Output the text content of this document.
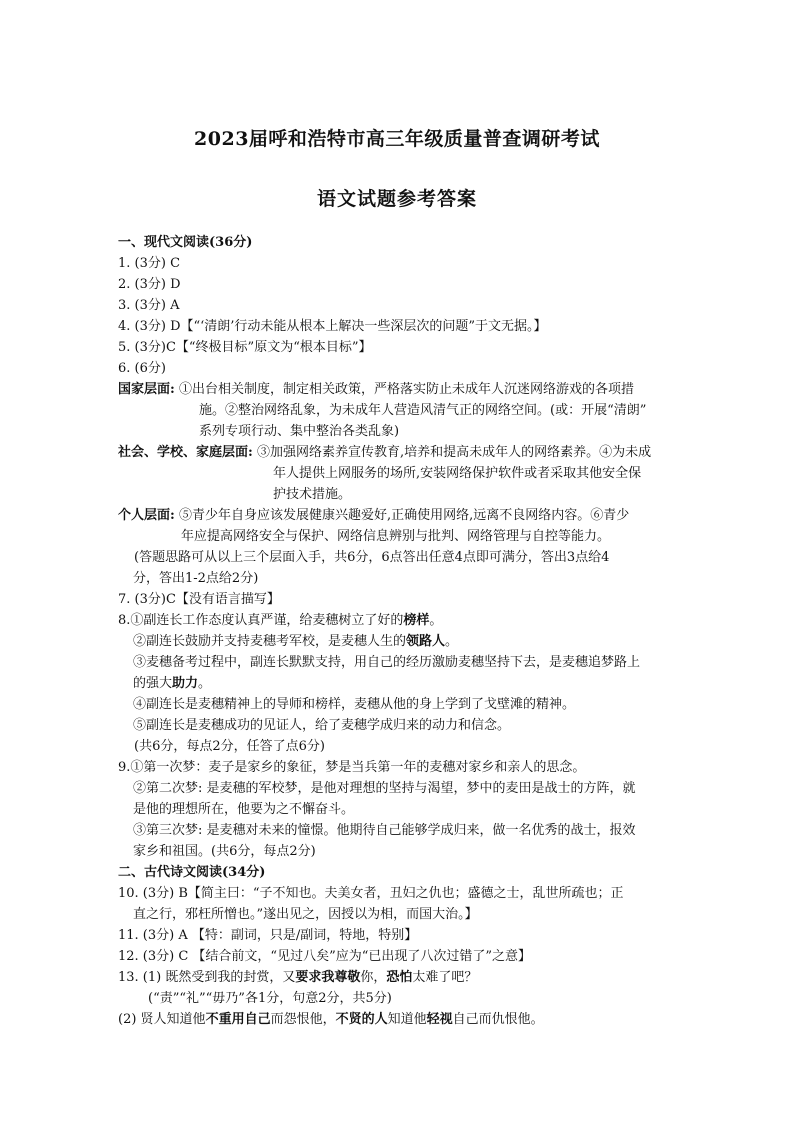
2023届呼和浩特市高三年级质量普查调研考试
语文试题参考答案
一、现代文阅读(36分)
1. (3分) C
2. (3分) D
3. (3分) A
4. (3分) D【“‘清朗’行动未能从根本上解决一些深层次的问题”于文无据。】
5. (3分)C【“终极目标”原文为“根本目标”】
6. (6分)
国家层面: ①出台相关制度，制定相关政策，严格落实防止未成年人沉迷网络游戏的各项措
施。②整治网络乱象，为未成年人营造风清气正的网络空间。(或：开展“清朗”
系列专项行动、集中整治各类乱象)
社会、学校、家庭层面: ③加强网络素养宣传教育,培养和提高未成年人的网络素养。④为未成
年人提供上网服务的场所,安装网络保护软件或者采取其他安全保
护技术措施。
个人层面: ⑤青少年自身应该发展健康兴趣爱好,正确使用网络,远离不良网络内容。⑥青少
年应提高网络安全与保护、网络信息辨别与批判、网络管理与自控等能力。
(答题思路可从以上三个层面入手，共6分，6点答出任意4点即可满分，答出3点给4
分，答出1-2点给2分)
7. (3分)C【没有语言描写】
8.①副连长工作态度认真严谨，给麦穗树立了好的榜样。
②副连长鼓励并支持麦穗考军校，是麦穗人生的领路人。
③麦穗备考过程中，副连长默默支持，用自己的经历激励麦穗坚持下去，是麦穗追梦路上
的强大助力。
④副连长是麦穗精神上的导师和榜样，麦穗从他的身上学到了戈壁滩的精神。
⑤副连长是麦穗成功的见证人，给了麦穗学成归来的动力和信念。
(共6分，每点2分，任答了点6分)
9.①第一次梦：麦子是家乡的象征，梦是当兵第一年的麦穗对家乡和亲人的思念。
②第二次梦: 是麦穗的军校梦，是他对理想的坚持与渴望，梦中的麦田是战士的方阵，就
是他的理想所在，他要为之不懈奋斗。
③第三次梦: 是麦穗对未来的憧憬。他期待自己能够学成归来，做一名优秀的战士，报效
家乡和祖国。(共6分，每点2分)
二、古代诗文阅读(34分)
10. (3分) B【简主曰：“子不知也。夫美女者，丑妇之仇也；盛德之士，乱世所疏也；正
直之行，邪枉所憎也。”遂出见之，因授以为相，而国大治。】
11. (3分) A 【特：副词，只是/副词，特地，特别】
12. (3分) C 【结合前文，“见过八矣”应为“已出现了八次过错了”之意】
13. (1) 既然受到我的封赏，又要求我尊敬你，恐怕太难了吧？
(“责”“礼”“毋乃”各1分，句意2分，共5分)
(2) 贤人知道他不重用自己而怨恨他，不贤的人知道他轻视自己而仇恨他。
